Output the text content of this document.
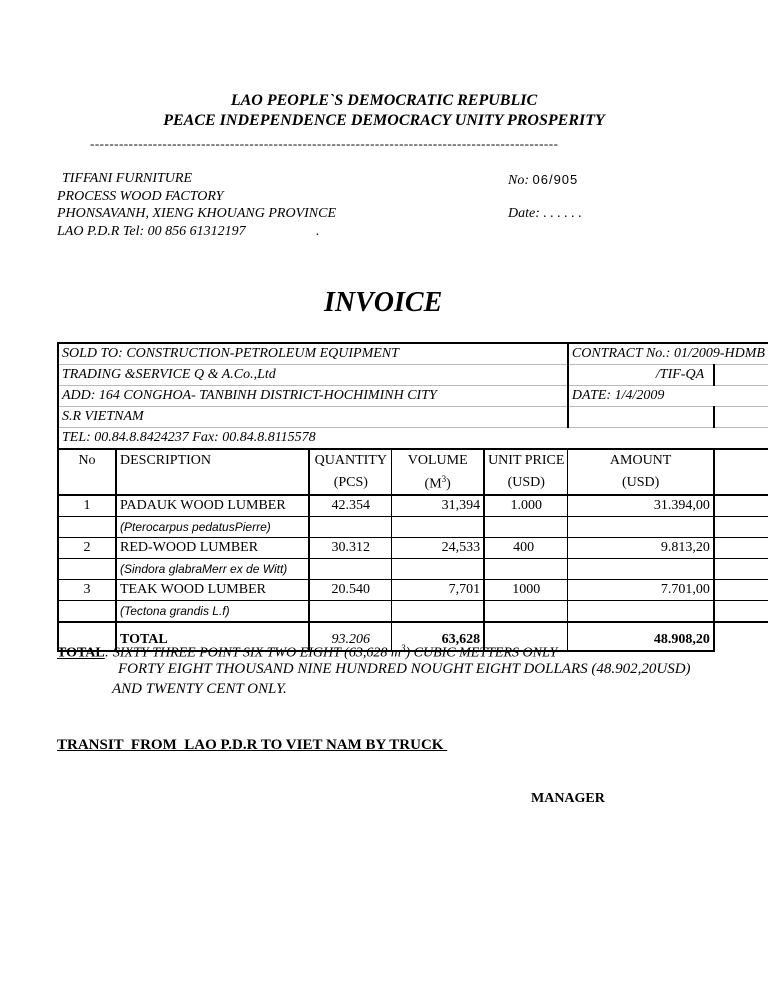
LAO PEOPLE`S DEMOCRATIC REPUBLIC
PEACE INDEPENDENCE DEMOCRACY UNITY PROSPERITY
-------------------------------------------------------------------------------------------------
TIFFANI FURNITURE
PROCESS WOOD FACTORY
PHONSAVANH, XIENG KHOUANG PROVINCE
LAO P.D.R Tel: 00 856 61312197	.
No: 06/905
Date: . . . . . .
INVOICE
SOLD TO: CONSTRUCTION-PETROLEUM EQUIPMENT					CONTRACT No.: 01/2009-HDMB	
TRADING &SERVICE Q & A.Co.,Ltd					/TIF-QA	
ADD: 164 CONGHOA- TANBINH DISTRICT-HOCHIMINH CITY					DATE: 1/4/2009	
S.R VIETNAM						
TEL: 00.84.8.8424237 Fax: 00.84.8.8115578						
No	DESCRIPTION	QUANTITY	VOLUME	UNIT PRICE	AMOUNT	
		(PCS)	$(M^3)$	(USD)	(USD)	
1	PADAUK WOOD LUMBER	42.354	31,394	1.000	31.394,00	
	(Pterocarpus pedatusPierre)					
2	RED-WOOD LUMBER	30.312	24,533	400	9.813,20	
	(Sindora glabraMerr ex de Witt)					
3	TEAK WOOD LUMBER	20.540	7,701	1000	7.701,00	
	(Tectona grandis L.f)					
	TOTAL	93.206	63,628		48.908,20	
TOTAL: SIXTY THREE POINT SIX TWO EIGHT (63,628 $m^3$) CUBIC METTERS ONLY
FORTY EIGHT THOUSAND NINE HUNDRED NOUGHT EIGHT DOLLARS (48.902,20USD)
AND TWENTY CENT ONLY.
TRANSIT  FROM  LAO P.D.R TO VIET NAM BY TRUCK
MANAGER
